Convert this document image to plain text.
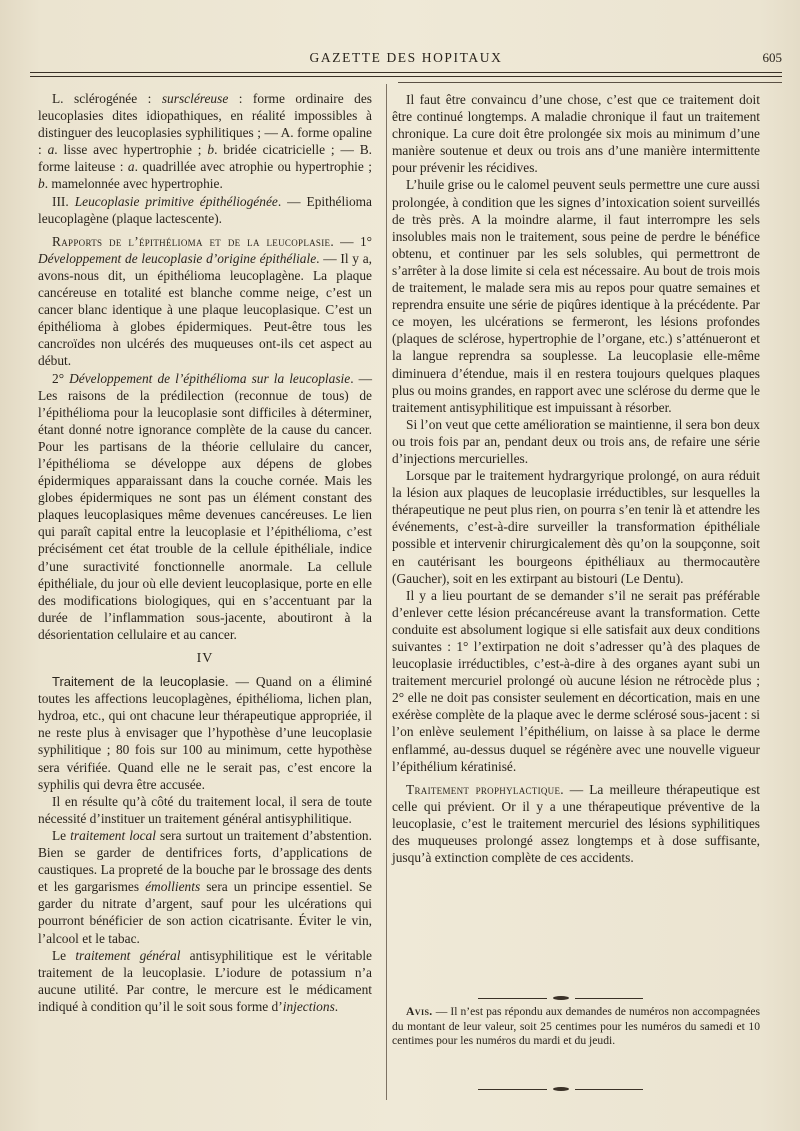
GAZETTE DES HOPITAUX	605

L. sclérogénée : surscléreuse : forme ordinaire des leucoplasies dites idiopathiques, en réalité impossibles à distinguer des leucoplasies syphilitiques ; — A. forme opaline : a. lisse avec hypertrophie ; b. bridée cicatricielle ; — B. forme laiteuse : a. quadrillée avec atrophie ou hypertrophie ; b. mamelonnée avec hypertrophie.

III. Leucoplasie primitive épithéliogénée. — Epithélioma leucoplagène (plaque lactescente).

Rapports de l’épithélioma et de la leucoplasie. — 1° Développement de leucoplasie d’origine épithéliale. — Il y a, avons-nous dit, un épithélioma leucoplagène. La plaque cancéreuse en totalité est blanche comme neige, c’est un cancer blanc identique à une plaque leucoplasique. C’est un épithélioma à globes épidermiques. Peut-être tous les cancroïdes non ulcérés des muqueuses ont-ils cet aspect au début.

2° Développement de l’épithélioma sur la leucoplasie. — Les raisons de la prédilection (reconnue de tous) de l’épithélioma pour la leucoplasie sont difficiles à déterminer, étant donné notre ignorance complète de la cause du cancer. Pour les partisans de la théorie cellulaire du cancer, l’épithélioma se développe aux dépens de globes épidermiques apparaissant dans la couche cornée. Mais les globes épidermiques ne sont pas un élément constant des plaques leucoplasiques même devenues cancéreuses. Le lien qui paraît capital entre la leucoplasie et l’épithélioma, c’est précisément cet état trouble de la cellule épithéliale, indice d’une suractivité fonctionnelle anormale. La cellule épithéliale, du jour où elle devient leucoplasique, porte en elle des modifications biologiques, qui en s’accentuant par la durée de l’inflammation sous-jacente, aboutiront à la désorientation cellulaire et au cancer.

IV

Traitement de la leucoplasie. — Quand on a éliminé toutes les affections leucoplagènes, épithélioma, lichen plan, hydroa, etc., qui ont chacune leur thérapeutique appropriée, il ne reste plus à envisager que l’hypothèse d’une leucoplasie syphilitique ; 80 fois sur 100 au minimum, cette hypothèse sera vérifiée. Quand elle ne le serait pas, c’est encore la syphilis qui devra être accusée.

Il en résulte qu’à côté du traitement local, il sera de toute nécessité d’instituer un traitement général antisyphilitique.

Le traitement local sera surtout un traitement d’abstention. Bien se garder de dentifrices forts, d’applications de caustiques. La propreté de la bouche par le brossage des dents et les gargarismes émollients sera un principe essentiel. Se garder du nitrate d’argent, sauf pour les ulcérations qui pourront bénéficier de son action cicatrisante. Éviter le vin, l’alcool et le tabac.

Le traitement général antisyphilitique est le véritable traitement de la leucoplasie. L’iodure de potassium n’a aucune utilité. Par contre, le mercure est le médicament indiqué à condition qu’il le soit sous forme d’injections.

Il faut être convaincu d’une chose, c’est que ce traitement doit être continué longtemps. A maladie chronique il faut un traitement chronique. La cure doit être prolongée six mois au minimum d’une manière soutenue et deux ou trois ans d’une manière intermittente pour prévenir les récidives.

L’huile grise ou le calomel peuvent seuls permettre une cure aussi prolongée, à condition que les signes d’intoxication soient surveillés de très près. A la moindre alarme, il faut interrompre les sels insolubles mais non le traitement, sous peine de perdre le bénéfice obtenu, et continuer par les sels solubles, qui permettront de s’arrêter à la dose limite si cela est nécessaire. Au bout de trois mois de traitement, le malade sera mis au repos pour quatre semaines et reprendra ensuite une série de piqûres identique à la précédente. Par ce moyen, les ulcérations se fermeront, les lésions profondes (plaques de sclérose, hypertrophie de l’organe, etc.) s’atténueront et la langue reprendra sa souplesse. La leucoplasie elle-même diminuera d’étendue, mais il en restera toujours quelques plaques plus ou moins grandes, en rapport avec une sclérose du derme que le traitement antisyphilitique est impuissant à résorber.

Si l’on veut que cette amélioration se maintienne, il sera bon deux ou trois fois par an, pendant deux ou trois ans, de refaire une série d’injections mercurielles.

Lorsque par le traitement hydrargyrique prolongé, on aura réduit la lésion aux plaques de leucoplasie irréductibles, sur lesquelles la thérapeutique ne peut plus rien, on pourra s’en tenir là et attendre les événements, c’est-à-dire surveiller la transformation épithéliale possible et intervenir chirurgicalement dès qu’on la soupçonne, soit en cautérisant les bourgeons épithéliaux au thermocautère (Gaucher), soit en les extirpant au bistouri (Le Dentu).

Il y a lieu pourtant de se demander s’il ne serait pas préférable d’enlever cette lésion précancéreuse avant la transformation. Cette conduite est absolument logique si elle satisfait aux deux conditions suivantes : 1° l’extirpation ne doit s’adresser qu’à des plaques de leucoplasie irréductibles, c’est-à-dire à des organes ayant subi un traitement mercuriel prolongé où aucune lésion ne rétrocède plus ; 2° elle ne doit pas consister seulement en décortication, mais en une exérèse complète de la plaque avec le derme sclérosé sous-jacent : si l’on enlève seulement l’épithélium, on laisse à sa place le derme enflammé, au-dessus duquel se régénère avec une nouvelle vigueur l’épithélium kératinisé.

Traitement prophylactique. — La meilleure thérapeutique est celle qui prévient. Or il y a une thérapeutique préventive de la leucoplasie, c’est le traitement mercuriel des lésions syphilitiques des muqueuses prolongé assez longtemps et à dose suffisante, jusqu’à extinction complète de ces accidents.

Avis. — Il n’est pas répondu aux demandes de numéros non accompagnées du montant de leur valeur, soit 25 centimes pour les numéros du samedi et 10 centimes pour les numéros du mardi et du jeudi.
